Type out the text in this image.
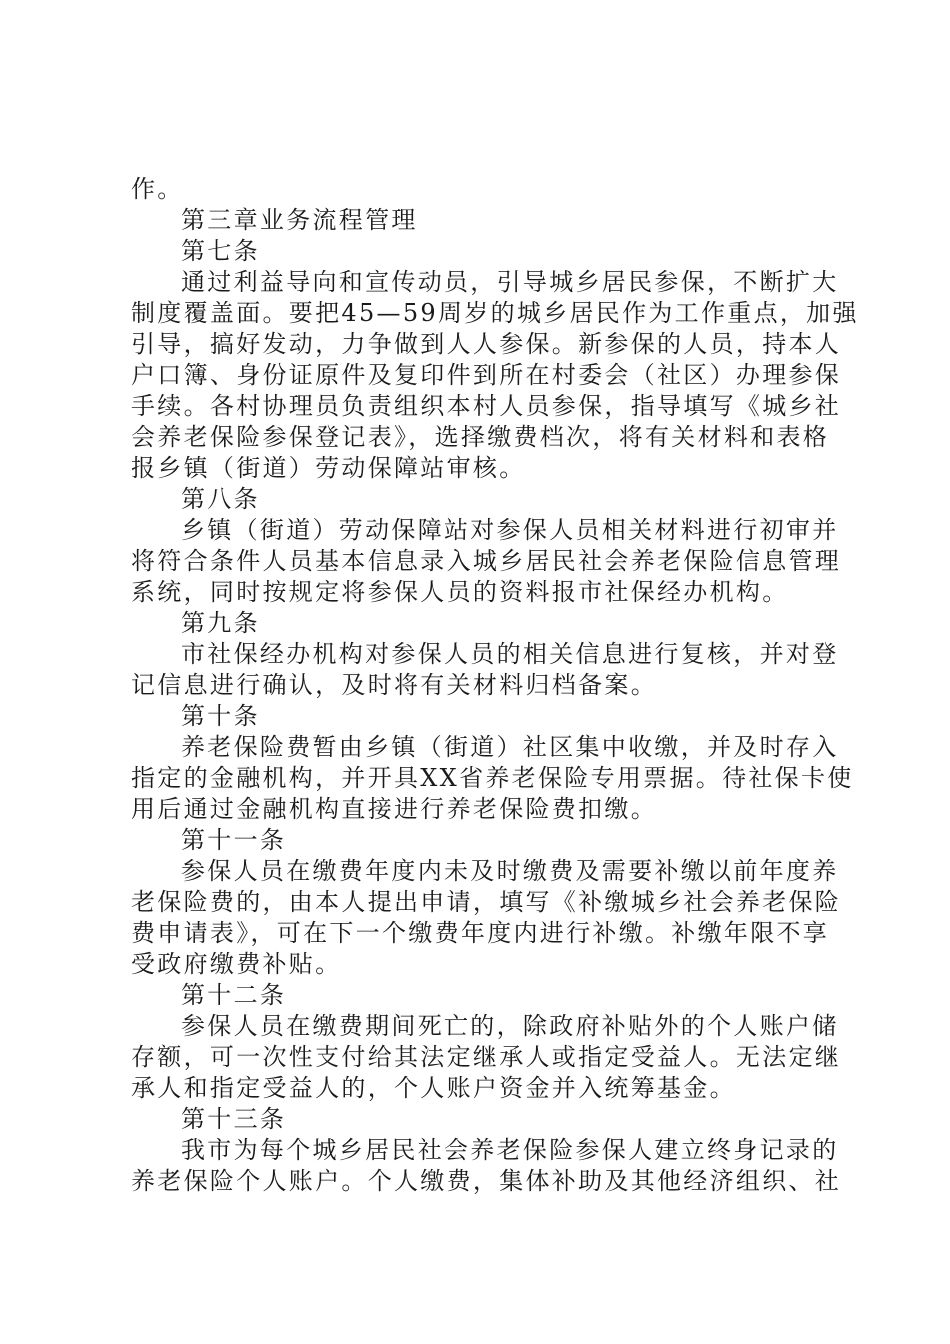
作。
第三章业务流程管理
第七条
通过利益导向和宣传动员，引导城乡居民参保，不断扩大
制度覆盖面。要把45—59周岁的城乡居民作为工作重点，加强
引导，搞好发动，力争做到人人参保。新参保的人员，持本人
户口簿、身份证原件及复印件到所在村委会（社区）办理参保
手续。各村协理员负责组织本村人员参保，指导填写《城乡社
会养老保险参保登记表》，选择缴费档次，将有关材料和表格
报乡镇（街道）劳动保障站审核。
第八条
乡镇（街道）劳动保障站对参保人员相关材料进行初审并
将符合条件人员基本信息录入城乡居民社会养老保险信息管理
系统，同时按规定将参保人员的资料报市社保经办机构。
第九条
市社保经办机构对参保人员的相关信息进行复核，并对登
记信息进行确认，及时将有关材料归档备案。
第十条
养老保险费暂由乡镇（街道）社区集中收缴，并及时存入
指定的金融机构，并开具XX省养老保险专用票据。待社保卡使
用后通过金融机构直接进行养老保险费扣缴。
第十一条
参保人员在缴费年度内未及时缴费及需要补缴以前年度养
老保险费的，由本人提出申请，填写《补缴城乡社会养老保险
费申请表》，可在下一个缴费年度内进行补缴。补缴年限不享
受政府缴费补贴。
第十二条
参保人员在缴费期间死亡的，除政府补贴外的个人账户储
存额，可一次性支付给其法定继承人或指定受益人。无法定继
承人和指定受益人的，个人账户资金并入统筹基金。
第十三条
我市为每个城乡居民社会养老保险参保人建立终身记录的
养老保险个人账户。个人缴费，集体补助及其他经济组织、社
